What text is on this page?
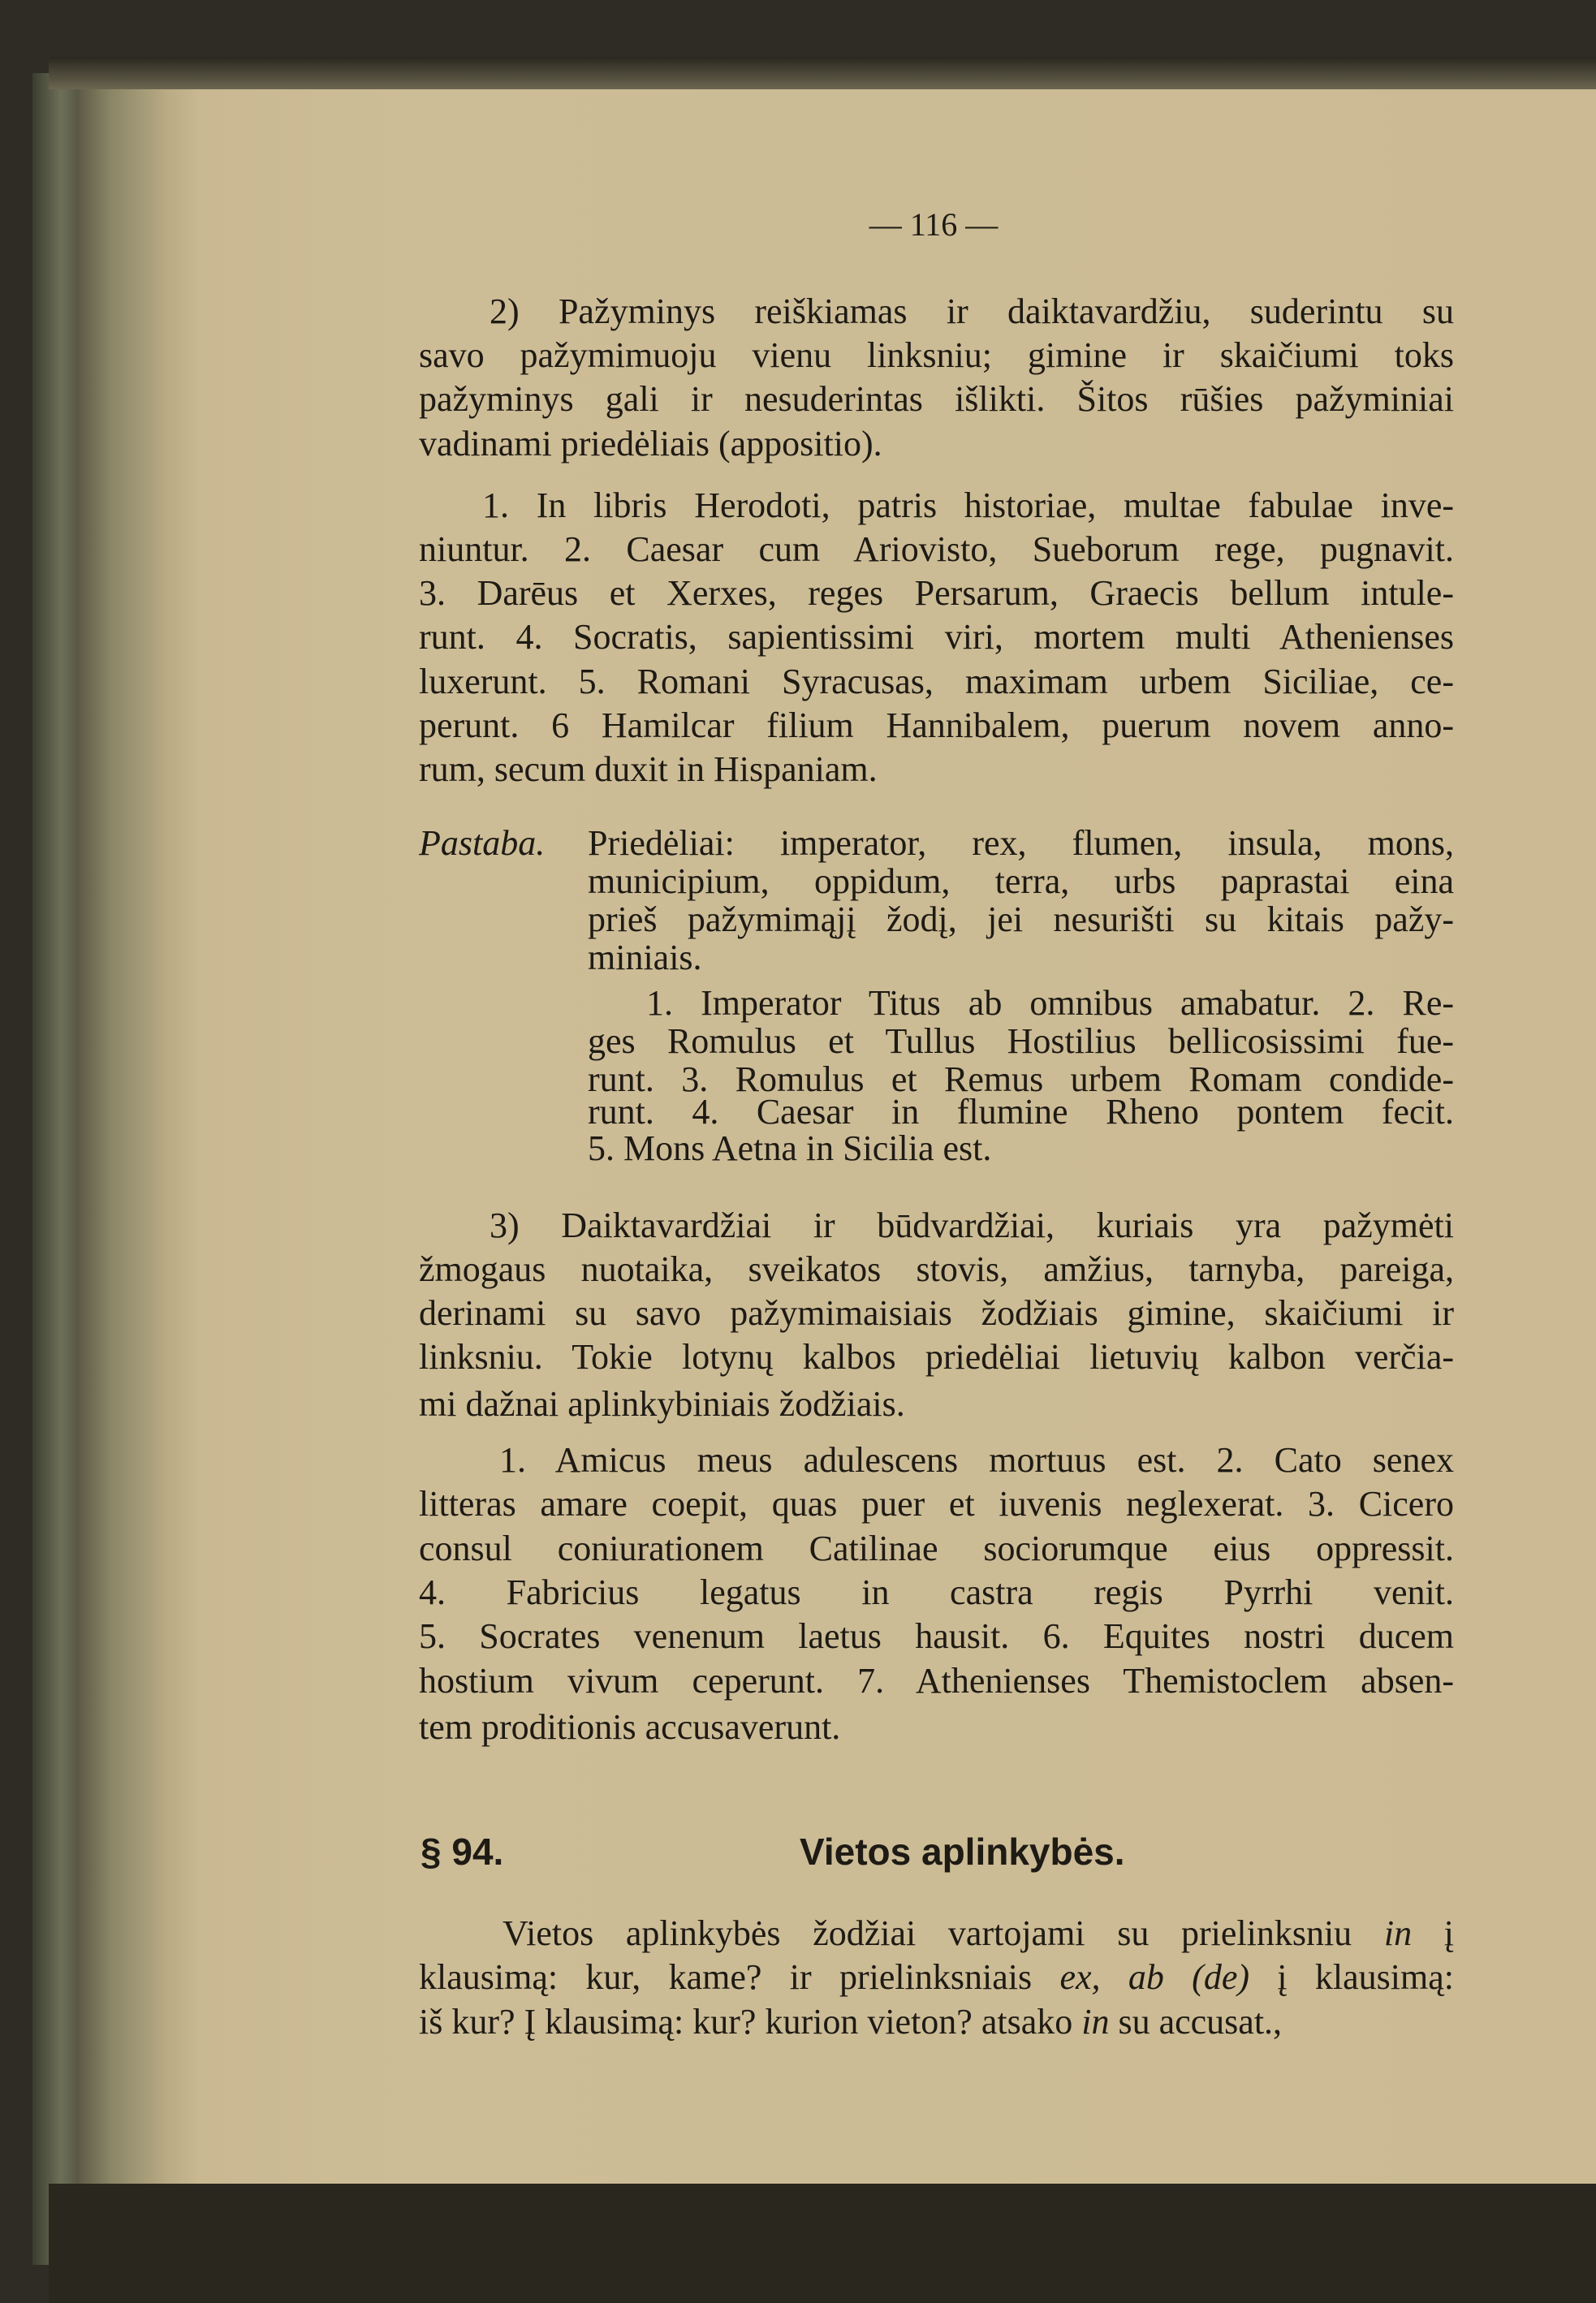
— 116 —
Pastaba.
§ 94.	Vietos aplinkybės.
2) Pažyminys reiškiamas ir daiktavardžiu, suderintu su
savo pažymimuoju vienu linksniu; gimine ir skaičiumi toks
pažyminys gali ir nesuderintas išlikti. Šitos rūšies pažyminiai
vadinami priedėliais (appositio).
1. In libris Herodoti, patris historiae, multae fabulae inve-
niuntur. 2. Caesar cum Ariovisto, Sueborum rege, pugnavit.
3. Darēus et Xerxes, reges Persarum, Graecis bellum intule-
runt. 4. Socratis, sapientissimi viri, mortem multi Athenienses
luxerunt. 5. Romani Syracusas, maximam urbem Siciliae, ce-
perunt. 6 Hamilcar filium Hannibalem, puerum novem anno-
rum, secum duxit in Hispaniam.
Priedėliai: imperator, rex, flumen, insula, mons,
municipium, oppidum, terra, urbs paprastai eina
prieš pažymimąjį žodį, jei nesurišti su kitais pažy-
miniais.
1. Imperator Titus ab omnibus amabatur. 2. Re-
ges Romulus et Tullus Hostilius bellicosissimi fue-
runt. 3. Romulus et Remus urbem Romam condide-
runt. 4. Caesar in flumine Rheno pontem fecit.
5. Mons Aetna in Sicilia est.
3) Daiktavardžiai ir būdvardžiai, kuriais yra pažymėti
žmogaus nuotaika, sveikatos stovis, amžius, tarnyba, pareiga,
derinami su savo pažymimaisiais žodžiais gimine, skaičiumi ir
linksniu. Tokie lotynų kalbos priedėliai lietuvių kalbon verčia-
mi dažnai aplinkybiniais žodžiais.
1. Amicus meus adulescens mortuus est. 2. Cato senex
litteras amare coepit, quas puer et iuvenis neglexerat. 3. Cicero
consul coniurationem Catilinae sociorumque eius oppressit.
4. Fabricius legatus in castra regis Pyrrhi venit.
5. Socrates venenum laetus hausit. 6. Equites nostri ducem
hostium vivum ceperunt. 7. Athenienses Themistoclem absen-
tem proditionis accusaverunt.
Vietos aplinkybės žodžiai vartojami su prielinksniu in į
klausimą: kur, kame? ir prielinksniais ex, ab (de) į klausimą:
iš kur? Į klausimą: kur? kurion vieton? atsako in su accusat.,
